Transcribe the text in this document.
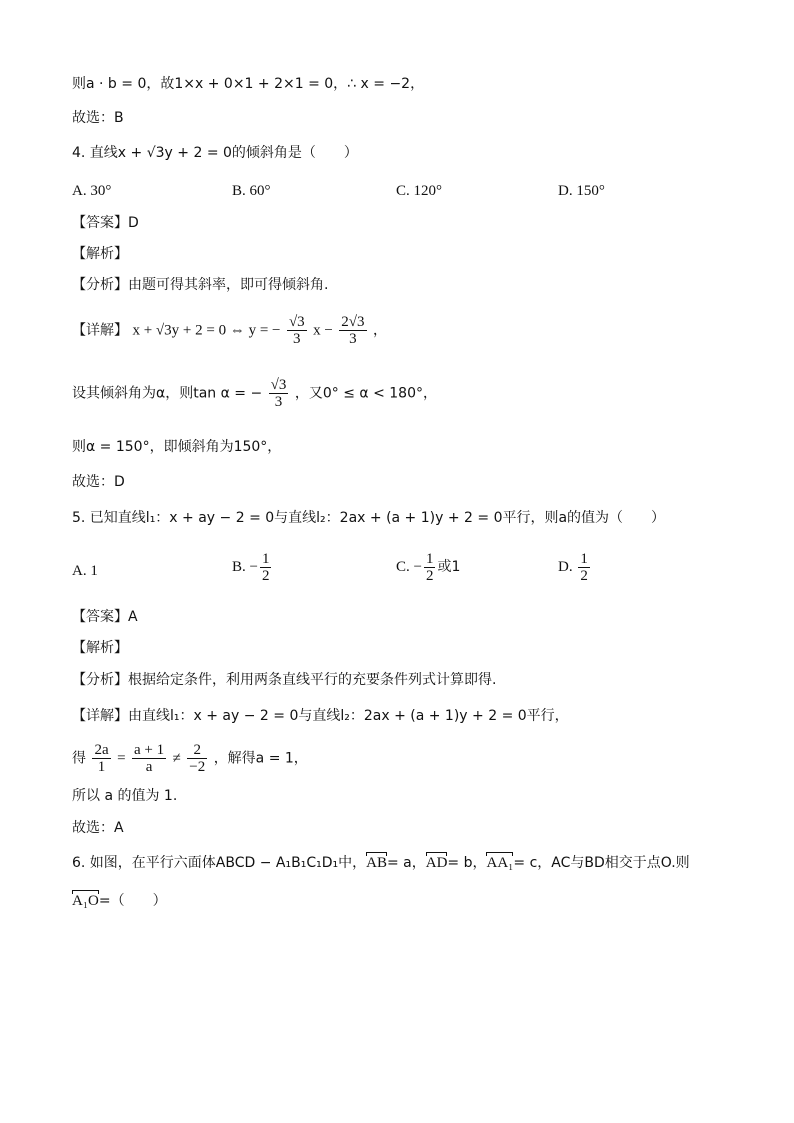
则a · b = 0，故1×x + 0×1 + 2×1 = 0，∴ x = −2，
故选：B
4. 直线x + √3y + 2 = 0的倾斜角是（　　）
A. 30°	B. 60°	C. 120°	D. 150°
【答案】D
【解析】
【分析】由题可得其斜率，即可得倾斜角.
【详解】 x + √3y + 2 = 0 ⇔ y = − $\frac{√3}{3}$ $x - \frac{2√3}{3}$ ，
设其倾斜角为α，则tan α = − $\frac{√3}{3}$ ，又0° ≤ α < 180°，
则α = 150°，即倾斜角为150°，
故选：D
5. 已知直线l₁：x + ay − 2 = 0与直线l₂：2ax + (a + 1)y + 2 = 0平行，则a的值为（　　）
A. 1	B. − $\frac{1}{2}$	C. − $\frac{1}{2}$ 或1	D. $\frac{1}{2}$
【答案】A
【解析】
【分析】根据给定条件，利用两条直线平行的充要条件列式计算即得.
【详解】由直线l₁：x + ay − 2 = 0与直线l₂：2ax + (a + 1)y + 2 = 0平行，
得 $\frac{2a}{1} = \frac{a + 1}{a} \ne \frac{2}{-2}$ ，解得a = 1，
所以 a 的值为 1.
故选：A
6. 如图，在平行六面体ABCD − A₁B₁C₁D₁中，AB= a，AD= b，AA₁= c，AC与BD相交于点O.则
A₁O=（　　）
